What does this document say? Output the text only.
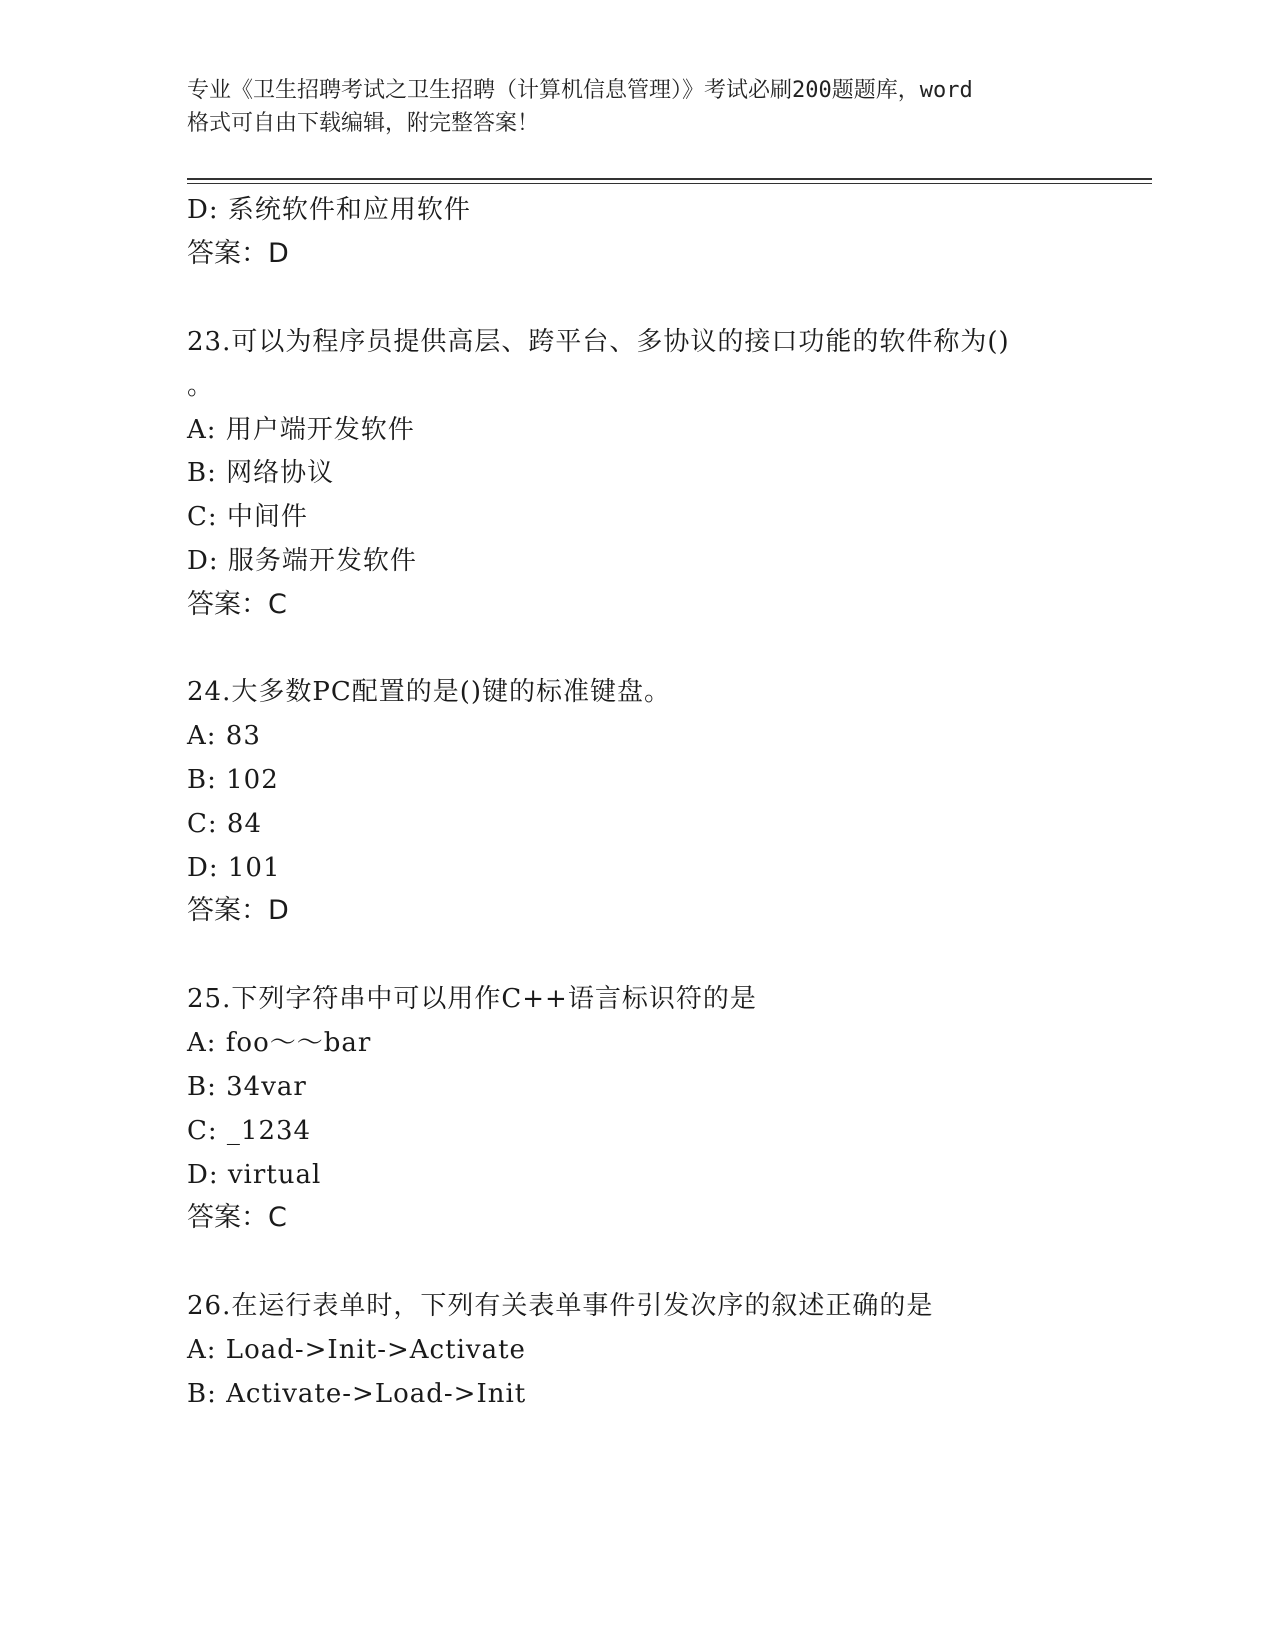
专业《卫生招聘考试之卫生招聘（计算机信息管理）》考试必刷200题题库，word
格式可自由下载编辑，附完整答案！
D: 系统软件和应用软件
答案：D
23.可以为程序员提供高层、跨平台、多协议的接口功能的软件称为()
。
A: 用户端开发软件
B: 网络协议
C: 中间件
D: 服务端开发软件
答案：C
24.大多数PC配置的是()键的标准键盘。
A: 83
B: 102
C: 84
D: 101
答案：D
25.下列字符串中可以用作C++语言标识符的是
A: foo～～bar
B: 34var
C: _1234
D: virtual
答案：C
26.在运行表单时，下列有关表单事件引发次序的叙述正确的是
A: Load->Init->Activate
B: Activate->Load->Init
